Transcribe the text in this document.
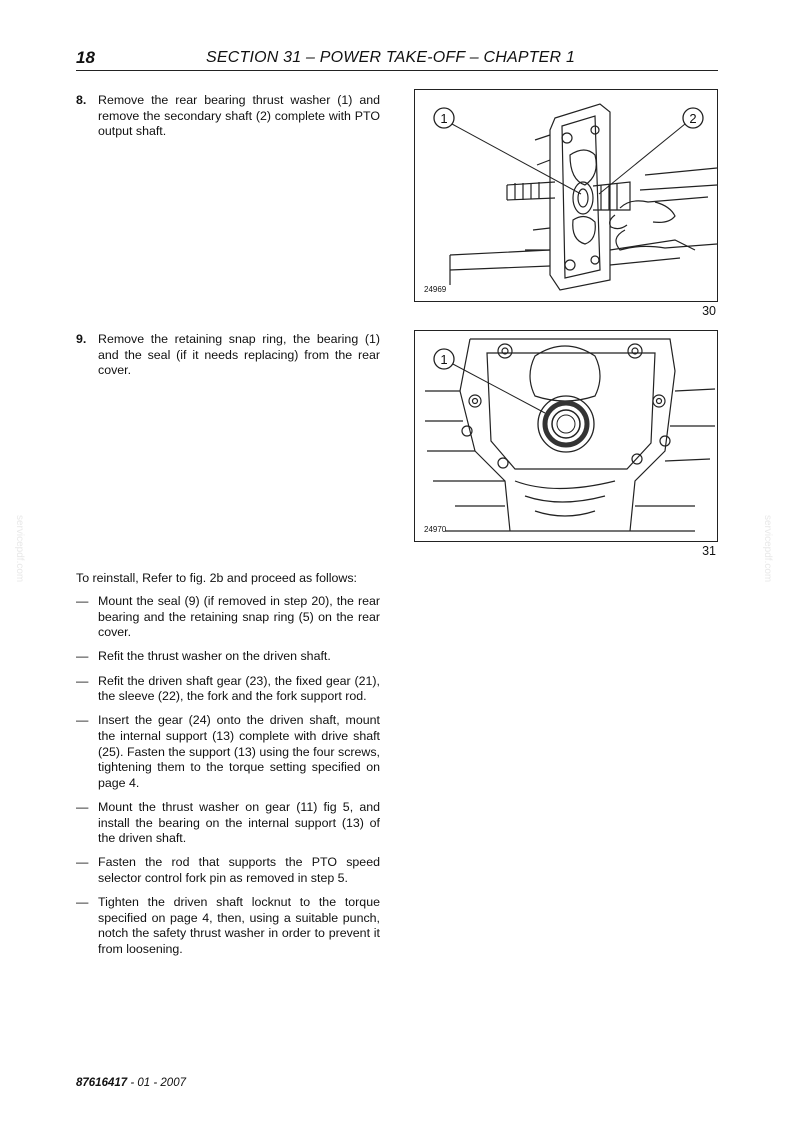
18	SECTION 31 – POWER TAKE-OFF – CHAPTER 1
8. Remove the rear bearing thrust washer (1) and remove the secondary shaft (2) complete with PTO output shaft.
1	2
24969
30
9. Remove the retaining snap ring, the bearing (1) and the seal (if it needs replacing) from the rear cover.
1
24970
31
To reinstall, Refer to fig. 2b and proceed as follows:
— Mount the seal (9) (if removed in step 20), the rear bearing and the retaining snap ring (5) on the rear cover.
— Refit the thrust washer on the driven shaft.
— Refit the driven shaft gear (23), the fixed gear (21), the sleeve (22), the fork and the fork support rod.
— Insert the gear (24) onto the driven shaft, mount the internal support (13) complete with drive shaft (25). Fasten the support (13) using the four screws, tightening them to the torque setting specified on page 4.
— Mount the thrust washer on gear (11) fig 5, and install the bearing on the internal support (13) of the driven shaft.
— Fasten the rod that supports the PTO speed selector control fork pin as removed in step 5.
— Tighten the driven shaft locknut to the torque specified on page 4, then, using a suitable punch, notch the safety thrust washer in order to prevent it from loosening.
servicepdf.com	servicepdf.com
87616417 - 01 - 2007
